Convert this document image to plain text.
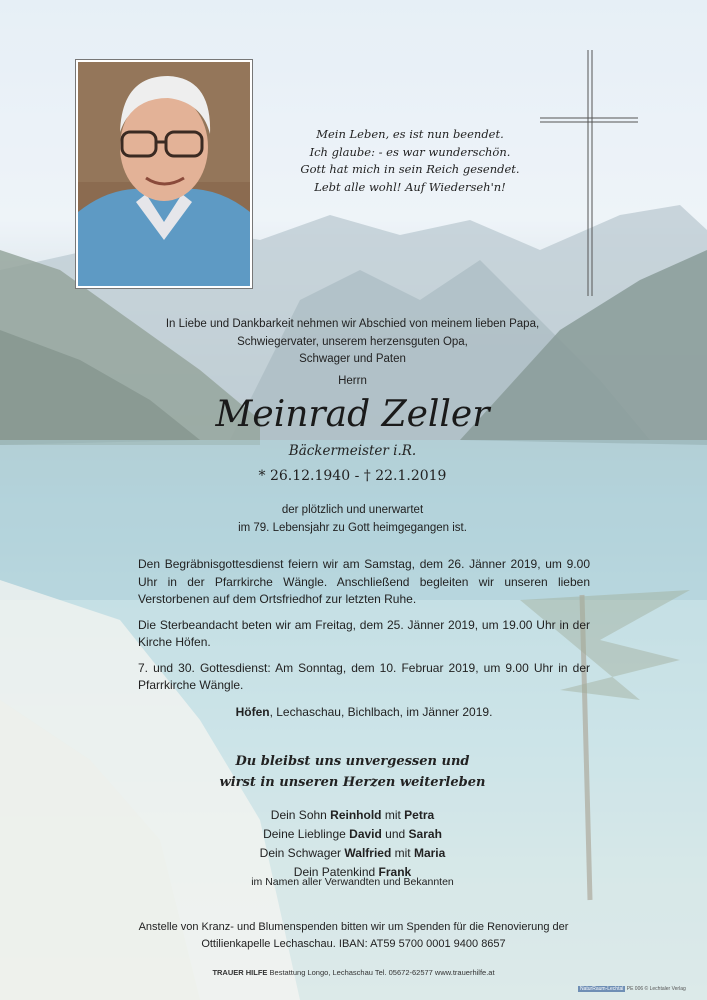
Mein Leben, es ist nun beendet.
Ich glaube: - es war wunderschön.
Gott hat mich in sein Reich gesendet.
Lebt alle wohl! Auf Wiederseh'n!
In Liebe und Dankbarkeit nehmen wir Abschied von meinem lieben Papa,
Schwiegervater, unserem herzensguten Opa,
Schwager und Paten
Herrn
Meinrad Zeller
Bäckermeister i.R.
* 26.12.1940 - † 22.1.2019
der plötzlich und unerwartet
im 79. Lebensjahr zu Gott heimgegangen ist.

Den Begräbnisgottesdienst feiern wir am Samstag, dem 26. Jänner 2019, um 9.00 Uhr in der Pfarrkirche Wängle. Anschließend begleiten wir unseren lieben Verstorbenen auf dem Ortsfriedhof zur letzten Ruhe.

Die Sterbeandacht beten wir am Freitag, dem 25. Jänner 2019, um 19.00 Uhr in der Kirche Höfen.

7. und 30. Gottesdienst: Am Sonntag, dem 10. Februar 2019, um 9.00 Uhr in der Pfarrkirche Wängle.

Höfen, Lechaschau, Bichlbach, im Jänner 2019.
Du bleibst uns unvergessen und
wirst in unseren Herzen weiterleben
Dein Sohn Reinhold mit Petra
Deine Lieblinge David und Sarah
Dein Schwager Walfried mit Maria
Dein Patenkind Frank
im Namen aller Verwandten und Bekannten
Anstelle von Kranz- und Blumenspenden bitten wir um Spenden für die Renovierung der
Ottilienkapelle Lechaschau. IBAN: AT59 5700 0001 9400 8657
TRAUER HILFE Bestattung Longo, Lechaschau Tel. 05672-62577 www.trauerhilfe.at
NaturRaum-Lechtal PE 006 © Lechtaler Verlag
